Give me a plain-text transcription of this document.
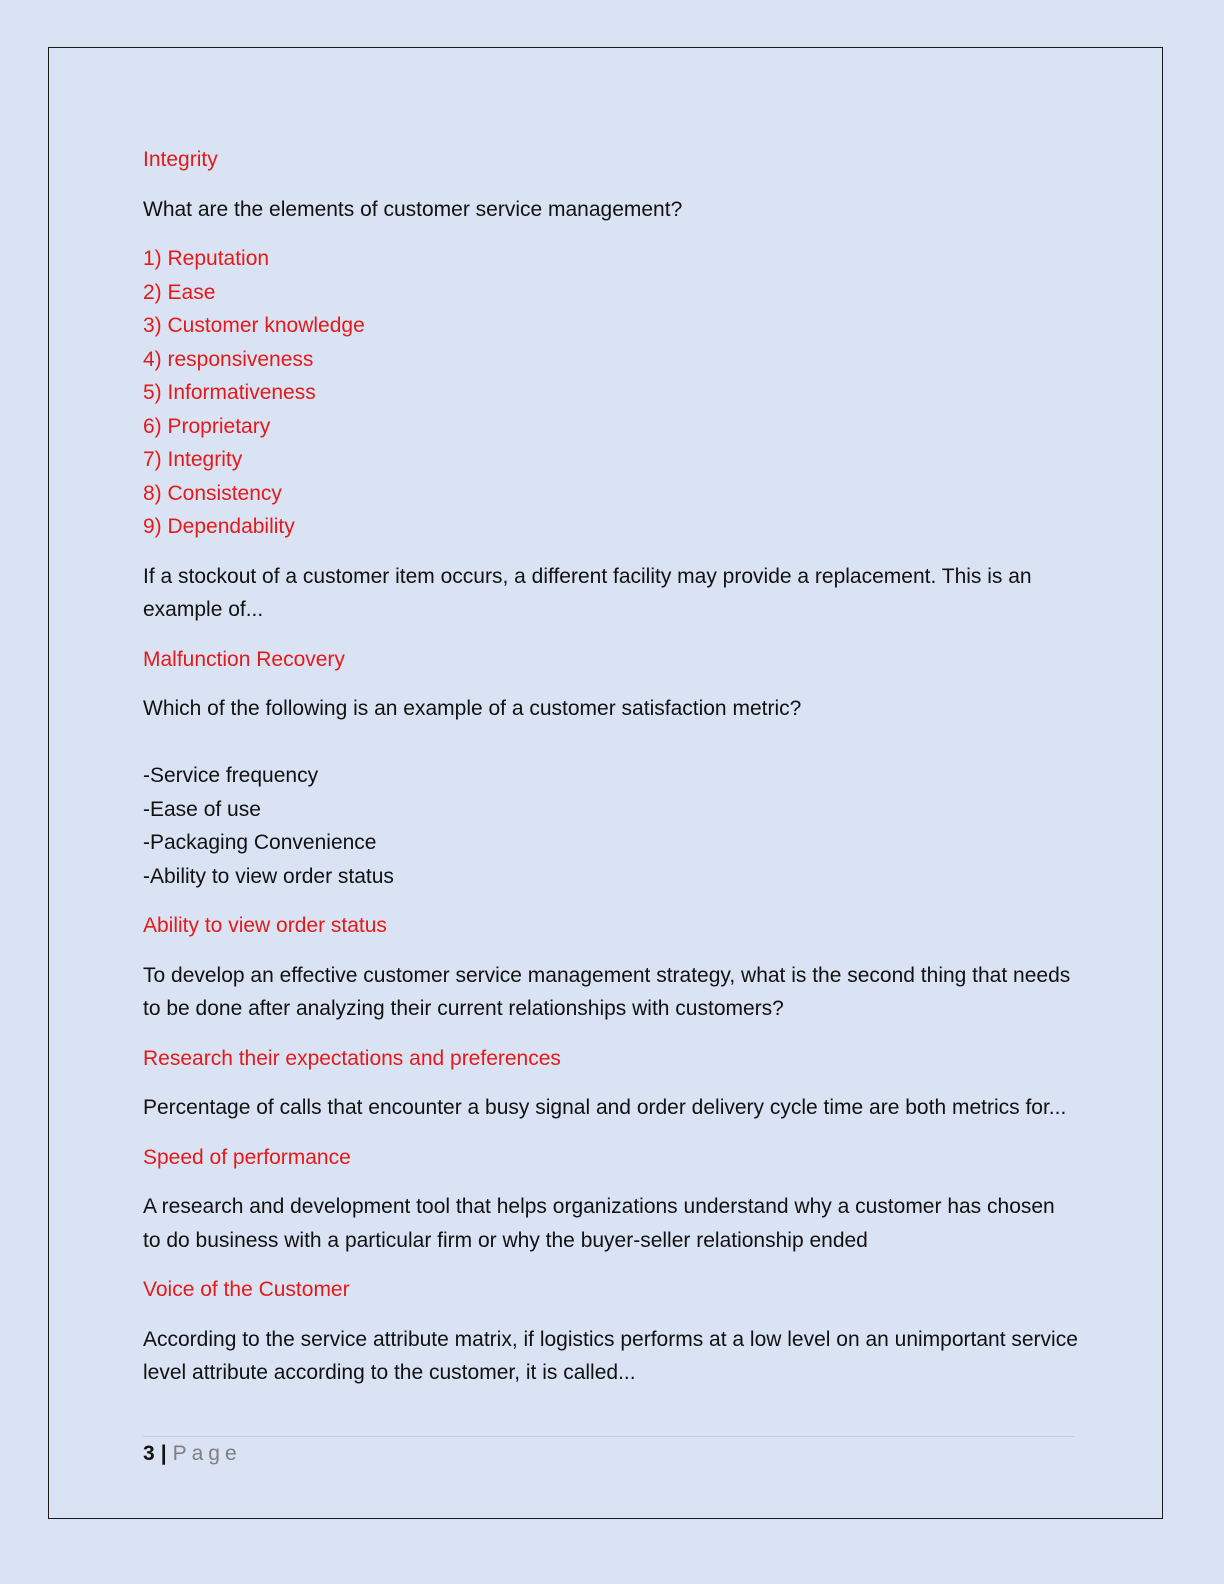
Integrity

What are the elements of customer service management?

1) Reputation
2) Ease
3) Customer knowledge
4) responsiveness
5) Informativeness
6) Proprietary
7) Integrity
8) Consistency
9) Dependability

If a stockout of a customer item occurs, a different facility may provide a replacement. This is an example of...

Malfunction Recovery

Which of the following is an example of a customer satisfaction metric?

-Service frequency
-Ease of use
-Packaging Convenience
-Ability to view order status

Ability to view order status

To develop an effective customer service management strategy, what is the second thing that needs to be done after analyzing their current relationships with customers?

Research their expectations and preferences

Percentage of calls that encounter a busy signal and order delivery cycle time are both metrics for...

Speed of performance

A research and development tool that helps organizations understand why a customer has chosen to do business with a particular firm or why the buyer-seller relationship ended

Voice of the Customer

According to the service attribute matrix, if logistics performs at a low level on an unimportant service level attribute according to the customer, it is called...

3 | Page
